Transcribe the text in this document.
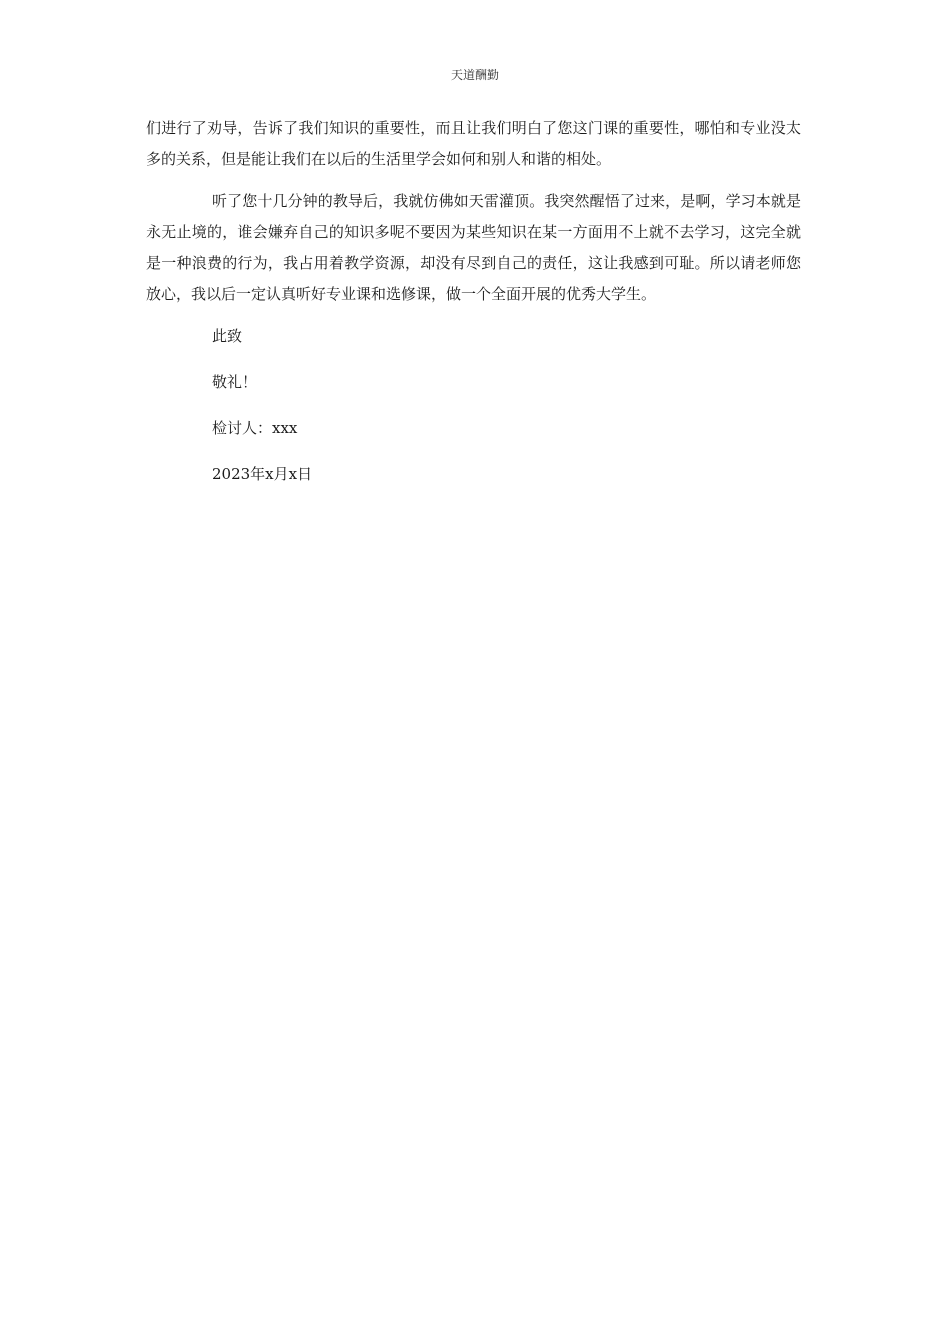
天道酬勤

们进行了劝导，告诉了我们知识的重要性，而且让我们明白了您这门课的重要性，哪怕和专业没太多的关系，但是能让我们在以后的生活里学会如何和别人和谐的相处。

听了您十几分钟的教导后，我就仿佛如天雷灌顶。我突然醒悟了过来，是啊，学习本就是永无止境的，谁会嫌弃自己的知识多呢不要因为某些知识在某一方面用不上就不去学习，这完全就是一种浪费的行为，我占用着教学资源，却没有尽到自己的责任，这让我感到可耻。所以请老师您放心，我以后一定认真听好专业课和选修课，做一个全面开展的优秀大学生。

此致
敬礼！
检讨人：xxx
2023年x月x日
